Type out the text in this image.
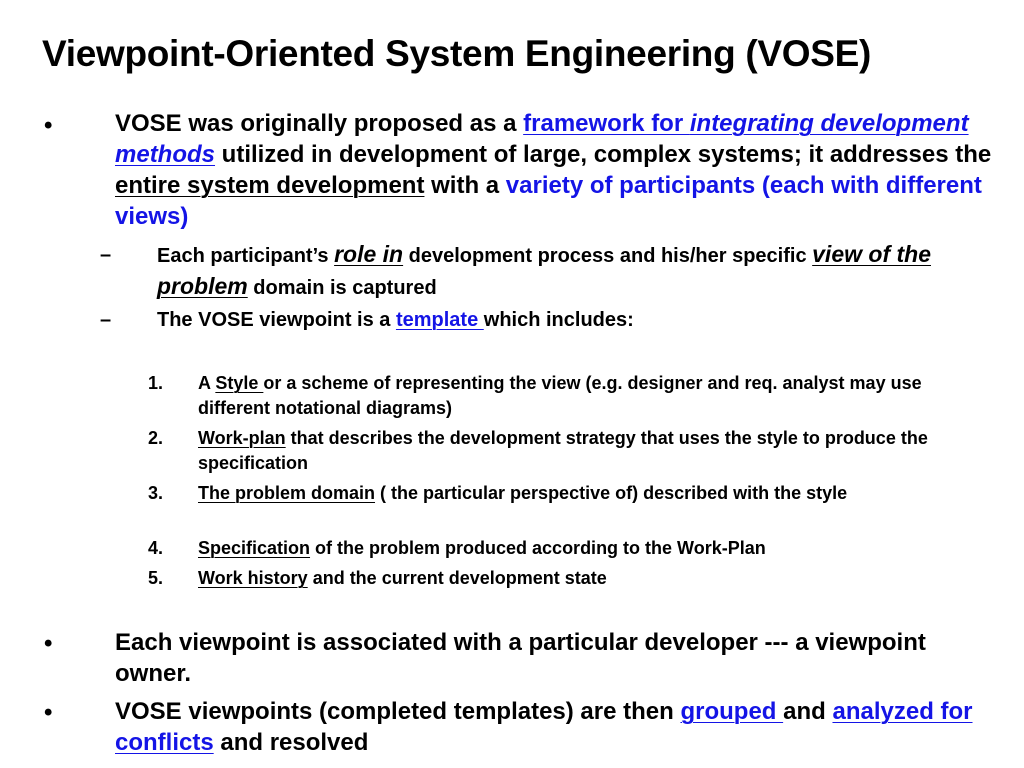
Viewpoint-Oriented System Engineering (VOSE)
•	VOSE was originally proposed as a framework for integrating development methods utilized in development of large, complex systems; it addresses the entire system development with a variety of participants (each with different views)

– Each participant’s role in development process and his/her specific view of the problem domain is captured

– The VOSE viewpoint is a template which includes:

1. A Style or a scheme of representing the view (e.g. designer and req. analyst may use different notational diagrams)

2. Work-plan that describes the development strategy that uses the style to produce the specification

3. The problem domain ( the particular perspective of) described with the style

4. Specification of the problem produced according to the Work-Plan

5. Work history and the current development state

•	Each viewpoint is associated with a particular developer --- a viewpoint owner.

•	VOSE viewpoints (completed templates) are then grouped and analyzed for conflicts and resolved
